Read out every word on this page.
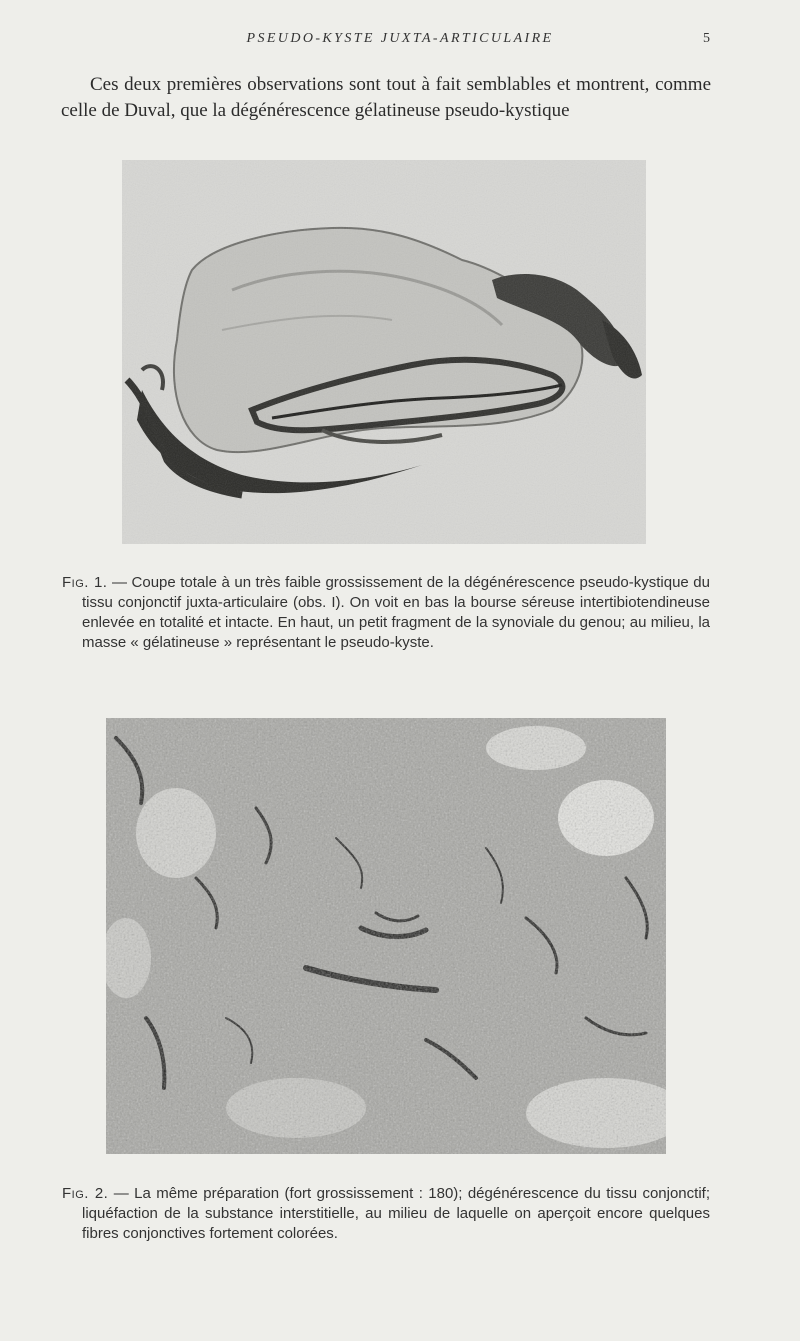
PSEUDO-KYSTE JUXTA-ARTICULAIRE	5

Ces deux premières observations sont tout à fait semblables et montrent, comme celle de Duval, que la dégénérescence gélatineuse pseudo-kystique

Fig. 1. — Coupe totale à un très faible grossissement de la dégénérescence pseudo-kystique du tissu conjonctif juxta-articulaire (obs. I). On voit en bas la bourse séreuse intertibiotendineuse enlevée en totalité et intacte. En haut, un petit fragment de la synoviale du genou; au milieu, la masse « gélatineuse » représentant le pseudo-kyste.

Fig. 2. — La même préparation (fort grossissement : 180); dégénérescence du tissu conjonctif; liquéfaction de la substance interstitielle, au milieu de laquelle on aperçoit encore quelques fibres conjonctives fortement colorées.
